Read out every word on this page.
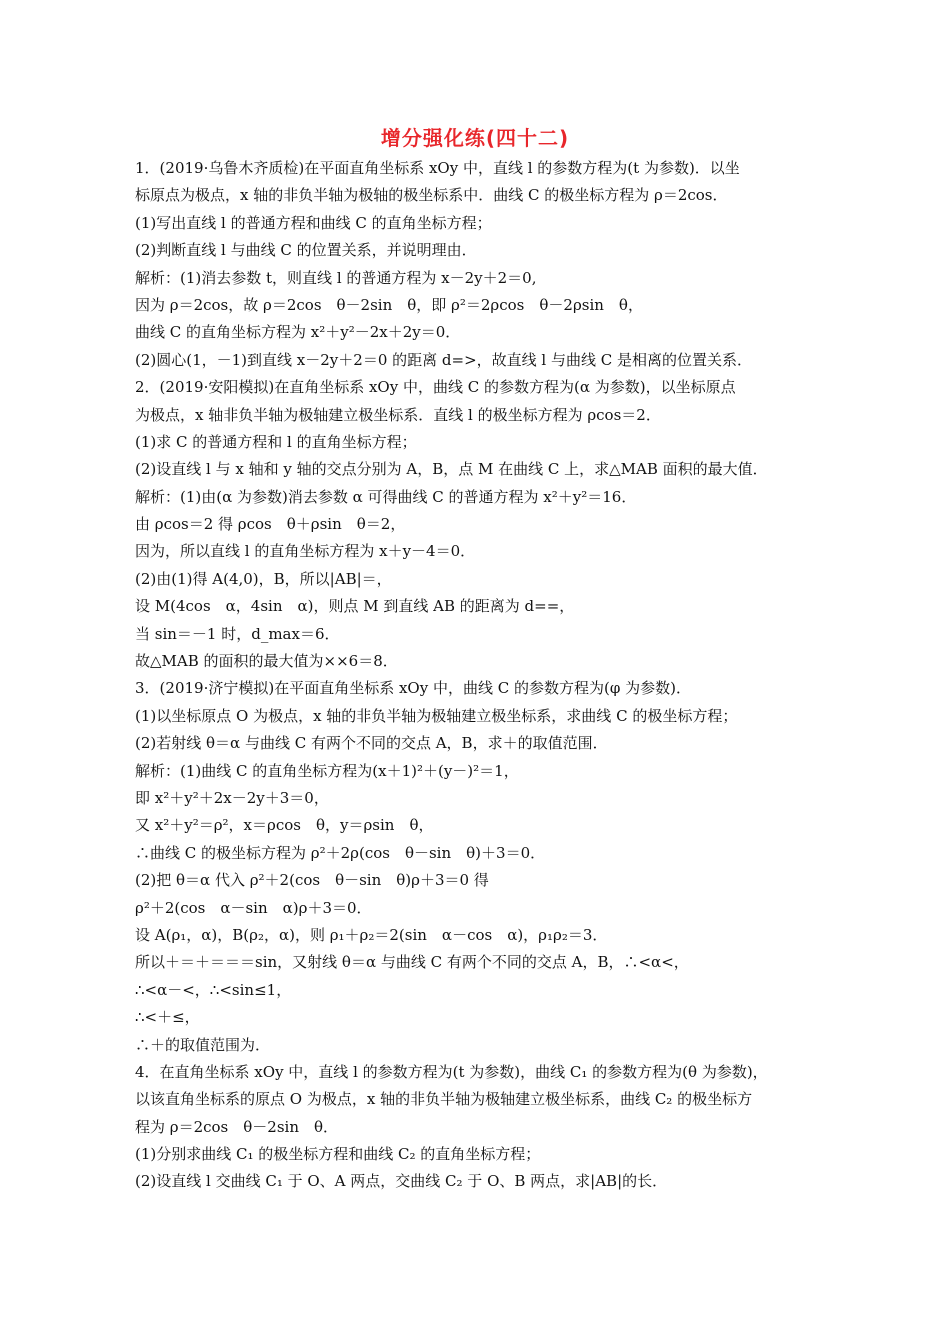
增分强化练(四十二)
1．(2019·乌鲁木齐质检)在平面直角坐标系 xOy 中，直线 l 的参数方程为(t 为参数)．以坐
标原点为极点，x 轴的非负半轴为极轴的极坐标系中．曲线 C 的极坐标方程为 ρ＝2cos．
(1)写出直线 l 的普通方程和曲线 C 的直角坐标方程；
(2)判断直线 l 与曲线 C 的位置关系，并说明理由．
解析：(1)消去参数 t，则直线 l 的普通方程为 x－2y＋2＝0,
因为 ρ＝2cos，故 ρ＝2cos　θ－2sin　θ，即 ρ²＝2ρcos　θ－2ρsin　θ，
曲线 C 的直角坐标方程为 x²＋y²－2x＋2y＝0．
(2)圆心(1，－1)到直线 x－2y＋2＝0 的距离 d=>，故直线 l 与曲线 C 是相离的位置关系．
2．(2019·安阳模拟)在直角坐标系 xOy 中，曲线 C 的参数方程为(α 为参数)，以坐标原点
为极点，x 轴非负半轴为极轴建立极坐标系．直线 l 的极坐标方程为 ρcos＝2．
(1)求 C 的普通方程和 l 的直角坐标方程；
(2)设直线 l 与 x 轴和 y 轴的交点分别为 A，B，点 M 在曲线 C 上，求△MAB 面积的最大值．
解析：(1)由(α 为参数)消去参数 α 可得曲线 C 的普通方程为 x²＋y²＝16．
由 ρcos＝2 得 ρcos　θ＋ρsin　θ＝2，
因为，所以直线 l 的直角坐标方程为 x＋y－4＝0．
(2)由(1)得 A(4,0)，B，所以|AB|＝，
设 M(4cos　α，4sin　α)，则点 M 到直线 AB 的距离为 d==，
当 sin＝－1 时，d_max＝6．
故△MAB 的面积的最大值为××6＝8．
3．(2019·济宁模拟)在平面直角坐标系 xOy 中，曲线 C 的参数方程为(φ 为参数)．
(1)以坐标原点 O 为极点，x 轴的非负半轴为极轴建立极坐标系，求曲线 C 的极坐标方程；
(2)若射线 θ＝α 与曲线 C 有两个不同的交点 A，B，求＋的取值范围．
解析：(1)曲线 C 的直角坐标方程为(x＋1)²＋(y－)²＝1，
即 x²＋y²＋2x－2y＋3＝0，
又 x²＋y²＝ρ²，x＝ρcos　θ，y＝ρsin　θ，
∴曲线 C 的极坐标方程为 ρ²＋2ρ(cos　θ－sin　θ)＋3＝0．
(2)把 θ＝α 代入 ρ²＋2(cos　θ－sin　θ)ρ＋3＝0 得
ρ²＋2(cos　α－sin　α)ρ＋3＝0．
设 A(ρ₁，α)，B(ρ₂，α)，则 ρ₁＋ρ₂＝2(sin　α－cos　α)，ρ₁ρ₂＝3．
所以＋＝＋＝＝＝sin，又射线 θ＝α 与曲线 C 有两个不同的交点 A，B，∴<α<，
∴<α－<，∴<sin≤1，
∴<＋≤，
∴＋的取值范围为．
4．在直角坐标系 xOy 中，直线 l 的参数方程为(t 为参数)，曲线 C₁ 的参数方程为(θ 为参数)，
以该直角坐标系的原点 O 为极点，x 轴的非负半轴为极轴建立极坐标系，曲线 C₂ 的极坐标方
程为 ρ＝2cos　θ－2sin　θ．
(1)分别求曲线 C₁ 的极坐标方程和曲线 C₂ 的直角坐标方程；
(2)设直线 l 交曲线 C₁ 于 O、A 两点，交曲线 C₂ 于 O、B 两点，求|AB|的长．
